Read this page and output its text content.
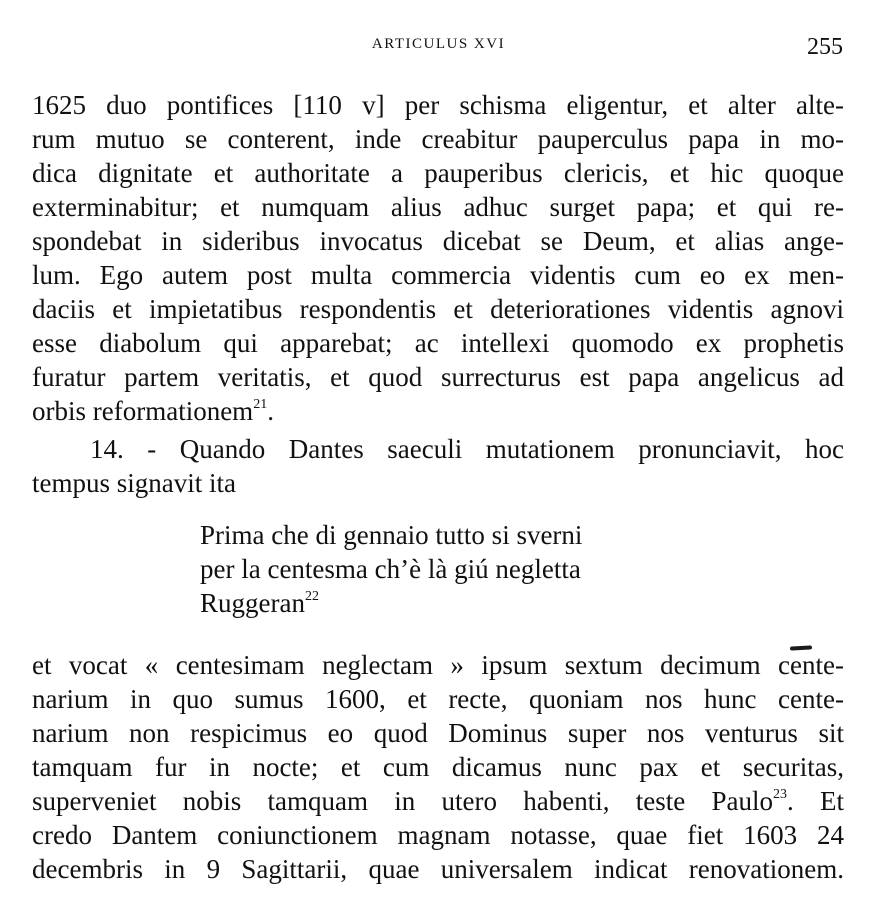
ARTICULUS XVI	255
1625 duo pontifices [110 v] per schisma eligentur, et alter alte-
rum mutuo se conterent, inde creabitur pauperculus papa in mo-
dica dignitate et authoritate a pauperibus clericis, et hic quoque
exterminabitur; et numquam alius adhuc surget papa; et qui re-
spondebat in sideribus invocatus dicebat se Deum, et alias ange-
lum. Ego autem post multa commercia videntis cum eo ex men-
daciis et impietatibus respondentis et deteriorationes videntis agnovi
esse diabolum qui apparebat; ac intellexi quomodo ex prophetis
furatur partem veritatis, et quod surrecturus est papa angelicus ad
orbis reformationem$^{21}$.
14. - Quando Dantes saeculi mutationem pronunciavit, hoc
tempus signavit ita
Prima che di gennaio tutto si sverni
per la centesma ch’è là giú negletta
Ruggeran$^{22}$
et vocat « centesimam neglectam » ipsum sextum decimum cente-
narium in quo sumus 1600, et recte, quoniam nos hunc cente-
narium non respicimus eo quod Dominus super nos venturus sit
tamquam fur in nocte; et cum dicamus nunc pax et securitas,
superveniet nobis tamquam in utero habenti, teste Paulo$^{23}$. Et
credo Dantem coniunctionem magnam notasse, quae fiet 1603 24
decembris in 9 Sagittarii, quae universalem indicat renovationem.
